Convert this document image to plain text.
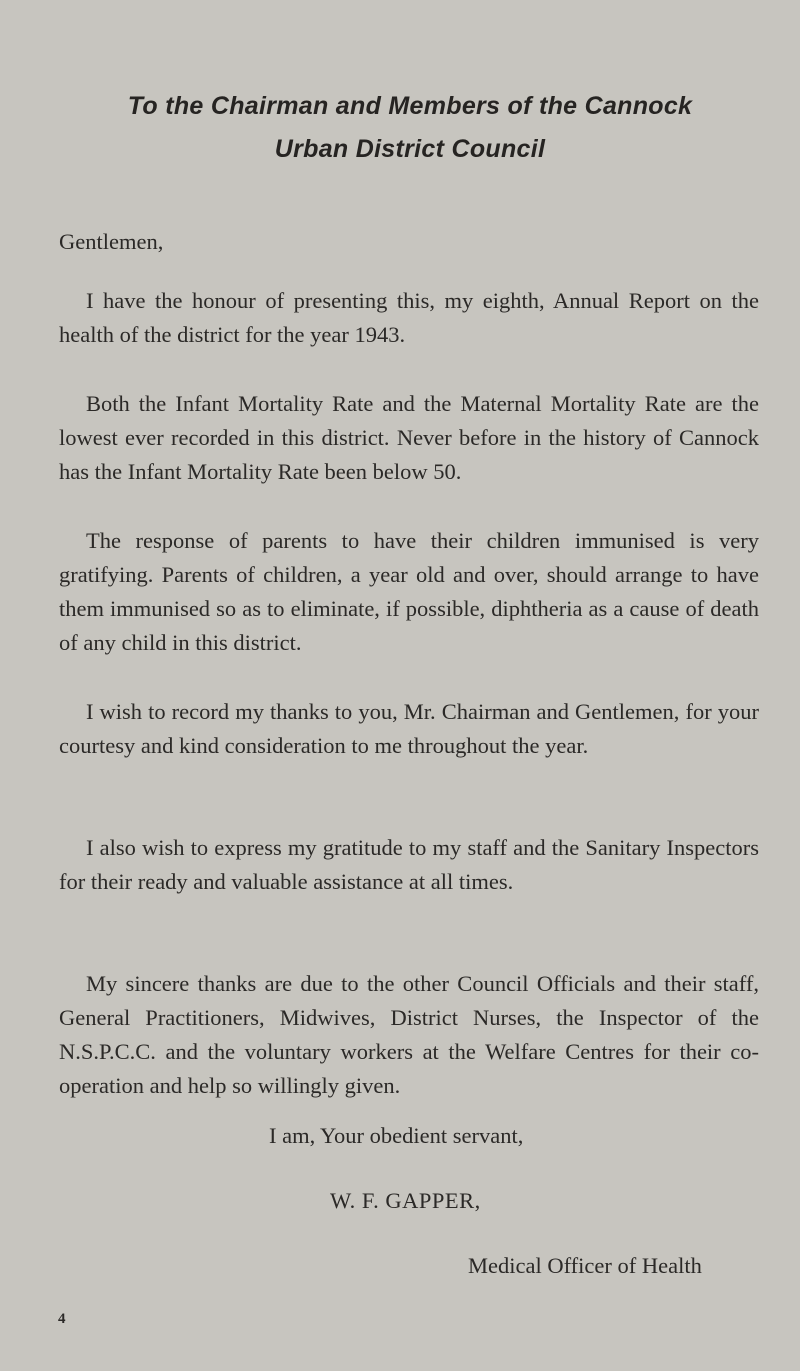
To the Chairman and Members of the Cannock
Urban District Council
Gentlemen,

I have the honour of presenting this, my eighth, Annual Report on the health of the district for the year 1943.

Both the Infant Mortality Rate and the Maternal Mortality Rate are the lowest ever recorded in this district. Never before in the history of Cannock has the Infant Mortality Rate been below 50.

The response of parents to have their children immunised is very gratifying. Parents of children, a year old and over, should arrange to have them immunised so as to eliminate, if possible, diphtheria as a cause of death of any child in this district.

I wish to record my thanks to you, Mr. Chairman and Gentlemen, for your courtesy and kind consideration to me throughout the year.

I also wish to express my gratitude to my staff and the Sanitary Inspectors for their ready and valuable assistance at all times.

My sincere thanks are due to the other Council Officials and their staff, General Practitioners, Midwives, District Nurses, the Inspector of the N.S.P.C.C. and the voluntary workers at the Welfare Centres for their co-operation and help so willingly given.

I am, Your obedient servant,
W. F. GAPPER,
Medical Officer of Health
4
